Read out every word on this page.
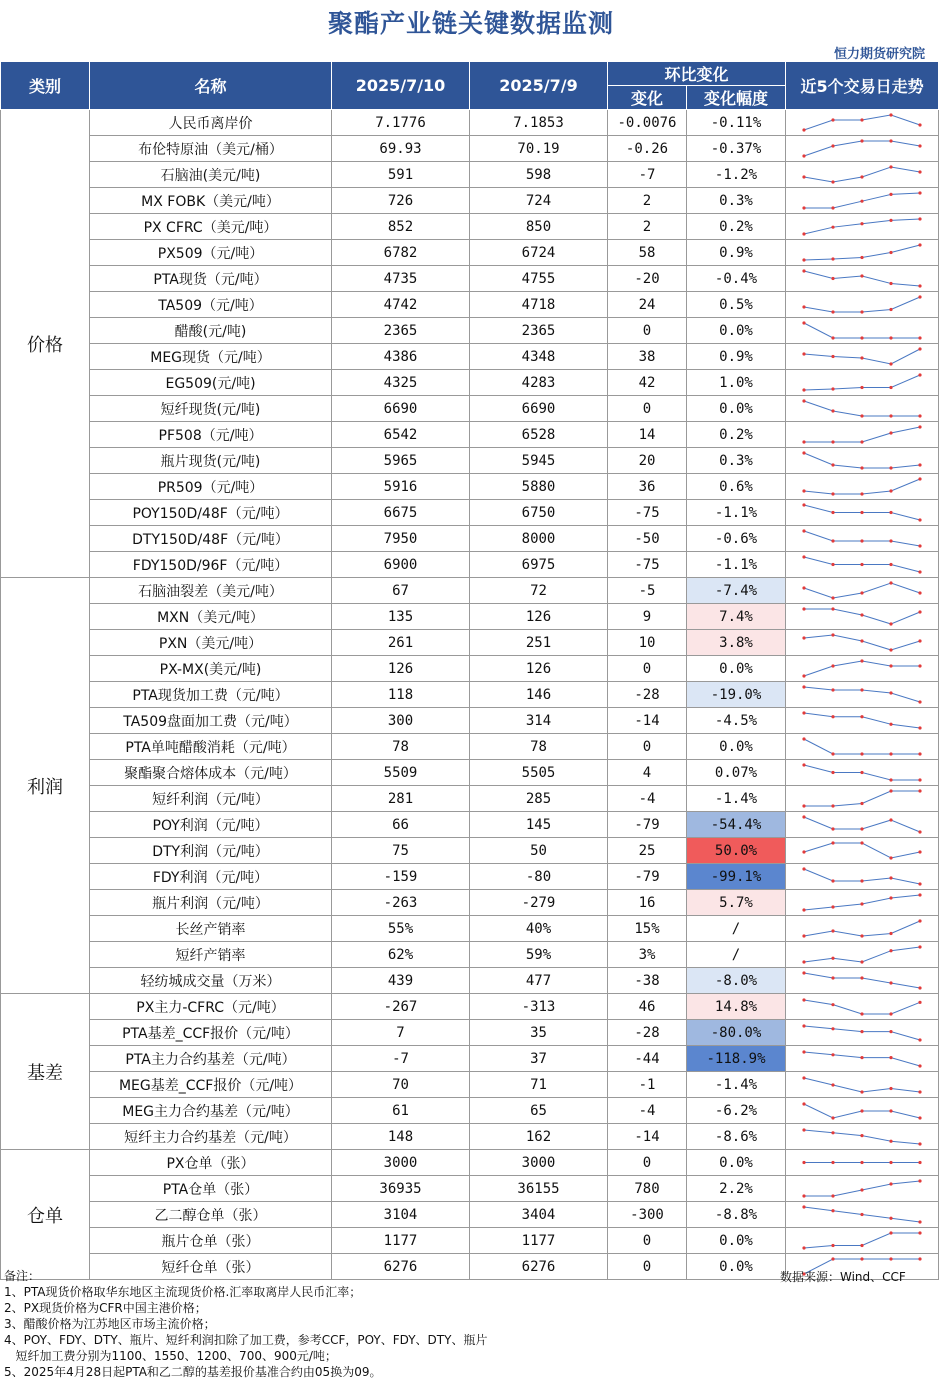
聚酯产业链关键数据监测
恒力期货研究院
类别	名称	2025/7/10	2025/7/9	环比变化		近5个交易日走势
				变化	变化幅度	
价格	人民币离岸价	7.1776	7.1853	-0.0076	-0.11%	

	布伦特原油（美元/桶）	69.93	70.19	-0.26	-0.37%	

	石脑油(美元/吨)	591	598	-7	-1.2%	

	MX FOBK（美元/吨）	726	724	2	0.3%	

	PX CFRC（美元/吨）	852	850	2	0.2%	

	PX509（元/吨）	6782	6724	58	0.9%	

	PTA现货（元/吨）	4735	4755	-20	-0.4%	

	TA509（元/吨）	4742	4718	24	0.5%	

	醋酸(元/吨)	2365	2365	0	0.0%	

	MEG现货（元/吨）	4386	4348	38	0.9%	

	EG509(元/吨)	4325	4283	42	1.0%	

	短纤现货(元/吨)	6690	6690	0	0.0%	

	PF508（元/吨）	6542	6528	14	0.2%	

	瓶片现货(元/吨)	5965	5945	20	0.3%	

	PR509（元/吨）	5916	5880	36	0.6%	

	POY150D/48F（元/吨）	6675	6750	-75	-1.1%	

	DTY150D/48F（元/吨）	7950	8000	-50	-0.6%	

	FDY150D/96F（元/吨）	6900	6975	-75	-1.1%	

利润	石脑油裂差（美元/吨）	67	72	-5	-7.4%	

	MXN（美元/吨）	135	126	9	7.4%	

	PXN（美元/吨）	261	251	10	3.8%	

	PX-MX(美元/吨)	126	126	0	0.0%	

	PTA现货加工费（元/吨）	118	146	-28	-19.0%	

	TA509盘面加工费（元/吨）	300	314	-14	-4.5%	

	PTA单吨醋酸消耗（元/吨）	78	78	0	0.0%	

	聚酯聚合熔体成本（元/吨）	5509	5505	4	0.07%	

	短纤利润（元/吨）	281	285	-4	-1.4%	

	POY利润（元/吨）	66	145	-79	-54.4%	

	DTY利润（元/吨）	75	50	25	50.0%	

	FDY利润（元/吨）	-159	-80	-79	-99.1%	

	瓶片利润（元/吨）	-263	-279	16	5.7%	

	长丝产销率	55%	40%	15%	/	

	短纤产销率	62%	59%	3%	/	

	轻纺城成交量（万米）	439	477	-38	-8.0%	

基差	PX主力-CFRC（元/吨）	-267	-313	46	14.8%	

	PTA基差_CCF报价（元/吨）	7	35	-28	-80.0%	

	PTA主力合约基差（元/吨）	-7	37	-44	-118.9%	

	MEG基差_CCF报价（元/吨）	70	71	-1	-1.4%	

	MEG主力合约基差（元/吨）	61	65	-4	-6.2%	

	短纤主力合约基差（元/吨）	148	162	-14	-8.6%	

仓单	PX仓单（张）	3000	3000	0	0.0%	

	PTA仓单（张）	36935	36155	780	2.2%	

	乙二醇仓单（张）	3104	3404	-300	-8.8%	

	瓶片仓单（张）	1177	1177	0	0.0%	

	短纤仓单（张）	6276	6276	0	0.0%	
备注：
1、PTA现货价格取华东地区主流现货价格.汇率取离岸人民币汇率；
2、PX现货价格为CFR中国主港价格；
3、醋酸价格为江苏地区市场主流价格；
4、POY、FDY、DTY、瓶片、短纤利润扣除了加工费，参考CCF，POY、FDY、DTY、瓶片
短纤加工费分别为1100、1550、1200、700、900元/吨；
5、2025年4月28日起PTA和乙二醇的基差报价基准合约由05换为09。
数据来源：Wind、CCF
